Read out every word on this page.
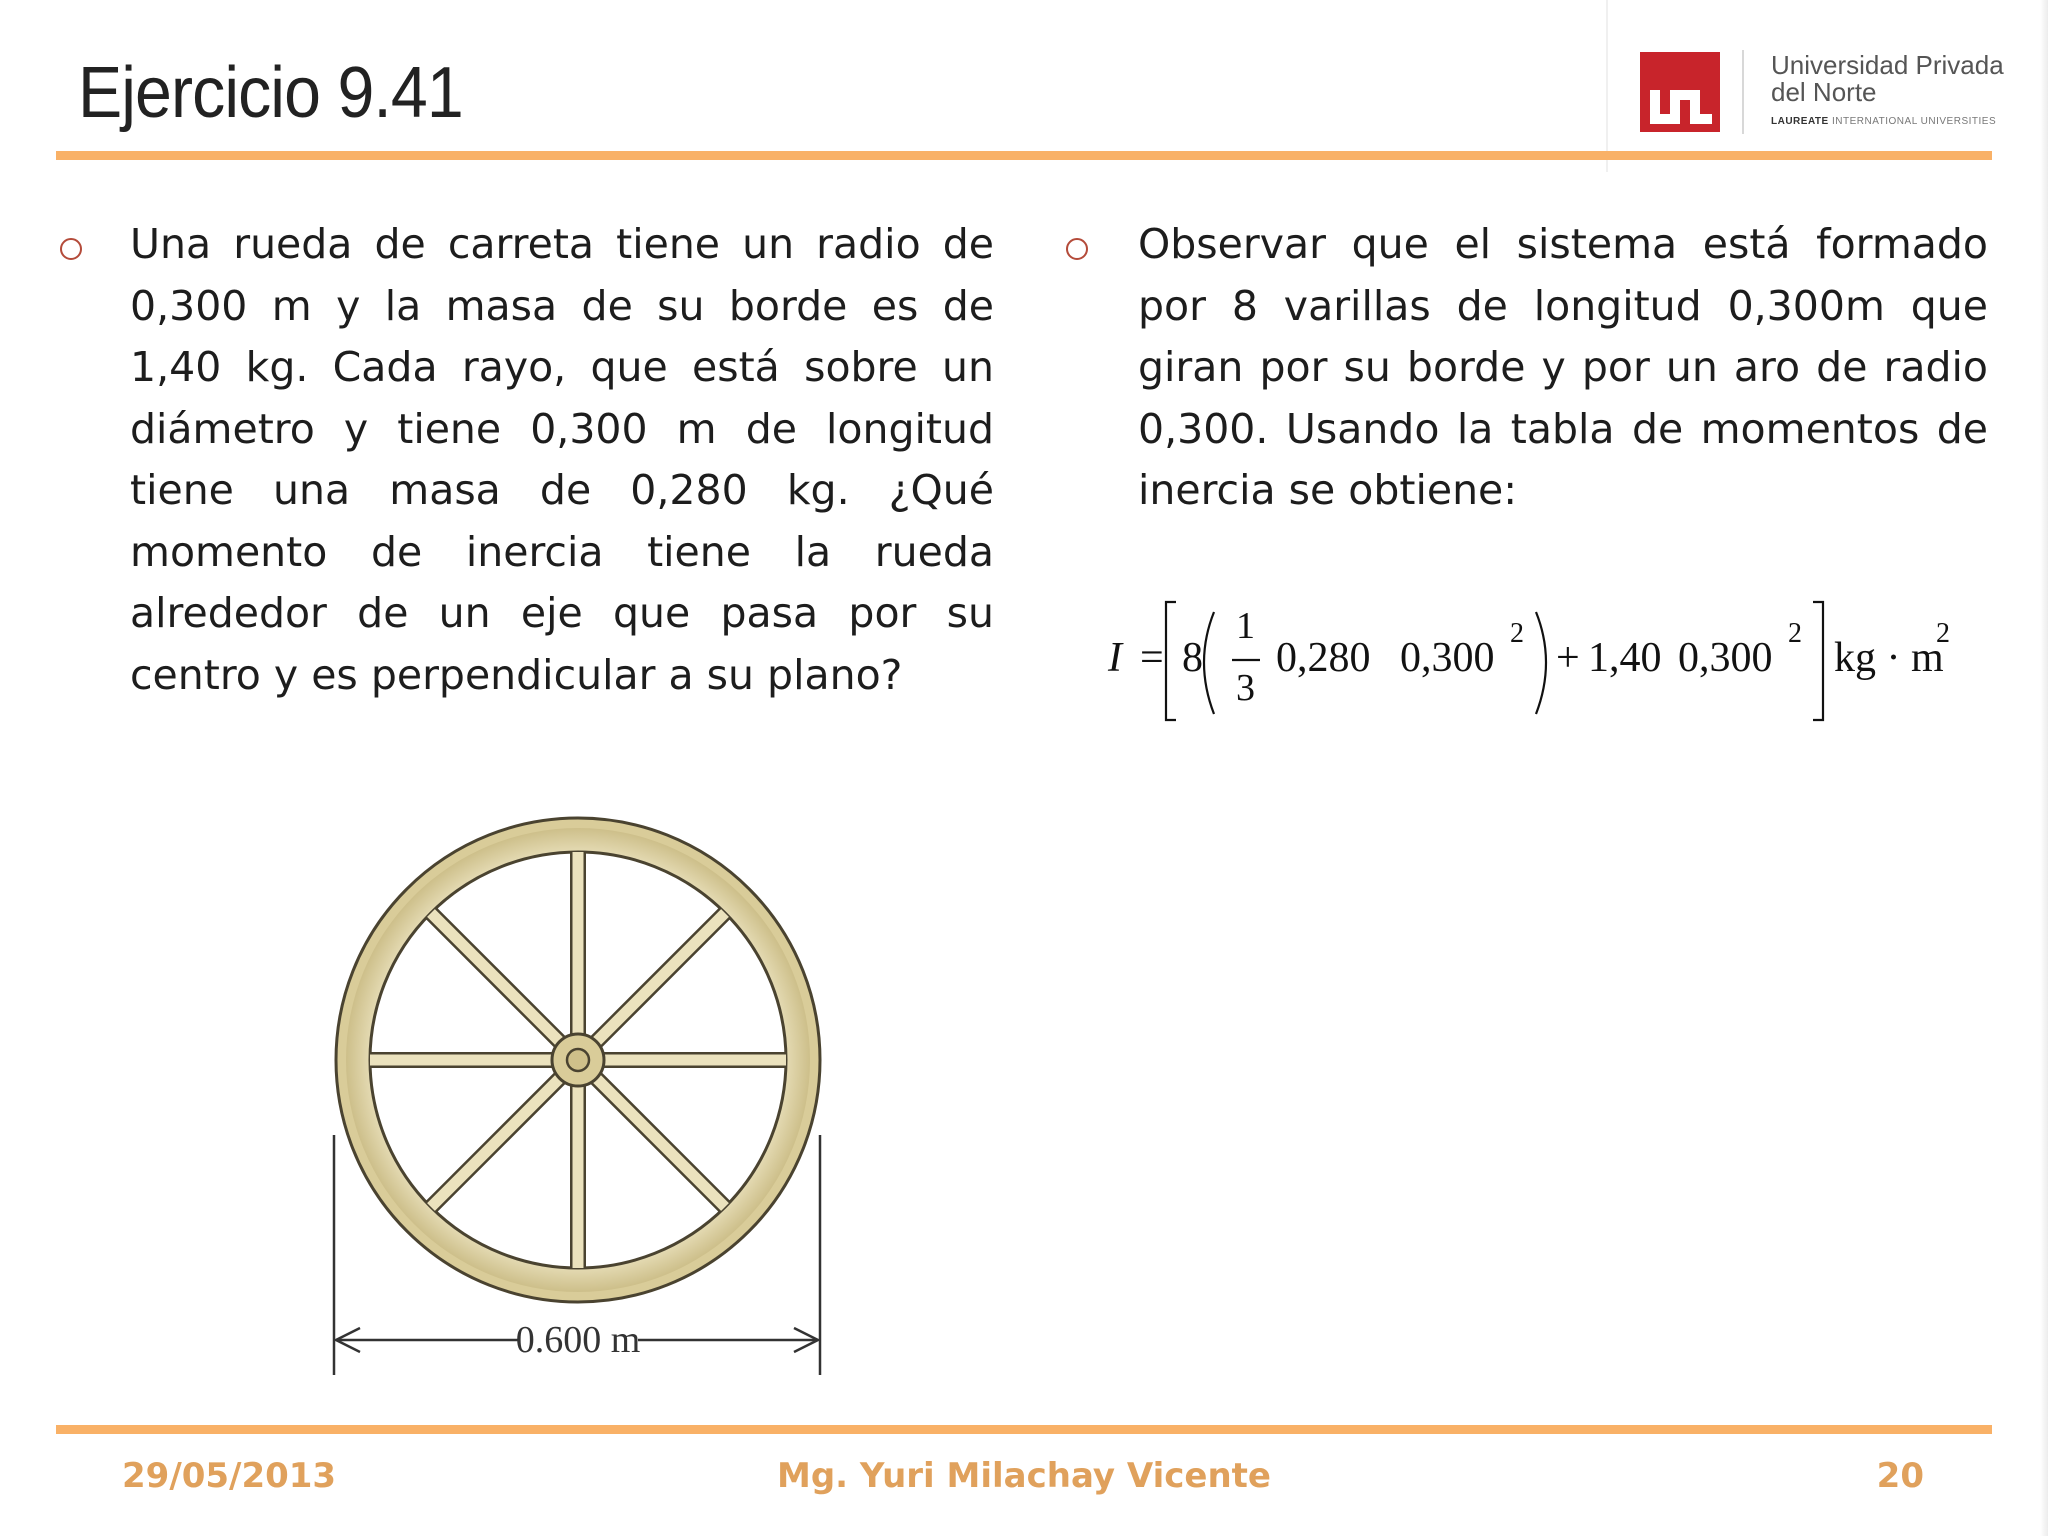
Ejercicio 9.41	Universidad Privada
del Norte
LAUREATE INTERNATIONAL UNIVERSITIES
Una rueda de carreta tiene un radio de 0,300 m y la masa de su borde es de 1,40 kg. Cada rayo, que está sobre un diámetro y tiene 0,300 m de longitud tiene una masa de 0,280 kg. ¿Qué momento de inercia tiene la rueda alrededor de un eje que pasa por su centro y es perpendicular a su plano?
Observar que el sistema está formado por 8 varillas de longitud 0,300m que giran por su borde y por un aro de radio 0,300. Usando la tabla de momentos de inercia se obtiene:
I = 8
1
3
0,280 0,300
2
+ 1,40 0,300
2
kg · m
2
0.600 m
29/05/2013	Mg. Yuri Milachay Vicente	20
